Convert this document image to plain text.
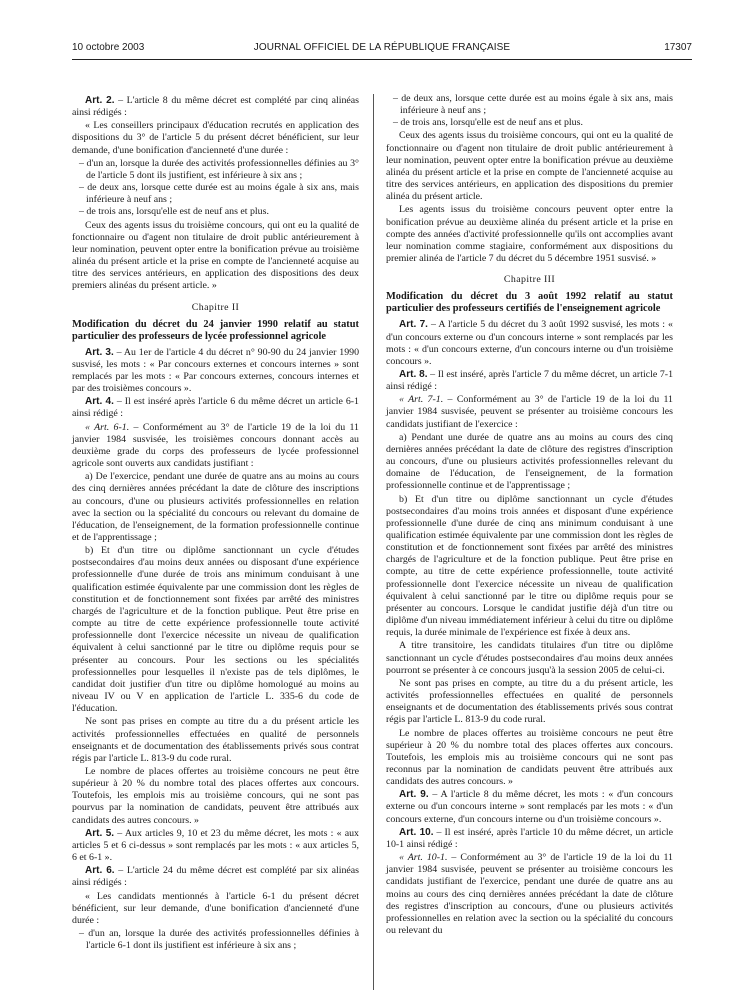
10 octobre 2003	JOURNAL OFFICIEL DE LA RÉPUBLIQUE FRANÇAISE	17307

Art. 2. – L'article 8 du même décret est complété par cinq alinéas ainsi rédigés :

« Les conseillers principaux d'éducation recrutés en application des dispositions du 3° de l'article 5 du présent décret bénéficient, sur leur demande, d'une bonification d'ancienneté d'une durée :

– d'un an, lorsque la durée des activités professionnelles définies au 3° de l'article 5 dont ils justifient, est inférieure à six ans ;
– de deux ans, lorsque cette durée est au moins égale à six ans, mais inférieure à neuf ans ;
– de trois ans, lorsqu'elle est de neuf ans et plus.

Ceux des agents issus du troisième concours, qui ont eu la qualité de fonctionnaire ou d'agent non titulaire de droit public antérieurement à leur nomination, peuvent opter entre la bonification prévue au troisième alinéa du présent article et la prise en compte de l'ancienneté acquise au titre des services antérieurs, en application des dispositions des deux premiers alinéas du présent article. »

Chapitre II

Modification du décret du 24 janvier 1990 relatif au statut particulier des professeurs de lycée professionnel agricole

Art. 3. – Au 1er de l'article 4 du décret n° 90-90 du 24 janvier 1990 susvisé, les mots : « Par concours externes et concours internes » sont remplacés par les mots : « Par concours externes, concours internes et par des troisièmes concours ».

Art. 4. – Il est inséré après l'article 6 du même décret un article 6-1 ainsi rédigé :

« Art. 6-1. – Conformément au 3° de l'article 19 de la loi du 11 janvier 1984 susvisée, les troisièmes concours donnant accès au deuxième grade du corps des professeurs de lycée professionnel agricole sont ouverts aux candidats justifiant :

a) De l'exercice, pendant une durée de quatre ans au moins au cours des cinq dernières années précédant la date de clôture des inscriptions au concours, d'une ou plusieurs activités professionnelles en relation avec la section ou la spécialité du concours ou relevant du domaine de l'éducation, de l'enseignement, de la formation professionnelle continue et de l'apprentissage ;

b) Et d'un titre ou diplôme sanctionnant un cycle d'études postsecondaires d'au moins deux années ou disposant d'une expérience professionnelle d'une durée de trois ans minimum conduisant à une qualification estimée équivalente par une commission dont les règles de constitution et de fonctionnement sont fixées par arrêté des ministres chargés de l'agriculture et de la fonction publique. Peut être prise en compte au titre de cette expérience professionnelle toute activité professionnelle dont l'exercice nécessite un niveau de qualification équivalent à celui sanctionné par le titre ou diplôme requis pour se présenter au concours. Pour les sections ou les spécialités professionnelles pour lesquelles il n'existe pas de tels diplômes, le candidat doit justifier d'un titre ou diplôme homologué au moins au niveau IV ou V en application de l'article L. 335-6 du code de l'éducation.

Ne sont pas prises en compte au titre du a du présent article les activités professionnelles effectuées en qualité de personnels enseignants et de documentation des établissements privés sous contrat régis par l'article L. 813-9 du code rural.

Le nombre de places offertes au troisième concours ne peut être supérieur à 20 % du nombre total des places offertes aux concours. Toutefois, les emplois mis au troisième concours, qui ne sont pas pourvus par la nomination de candidats, peuvent être attribués aux candidats des autres concours. »

Art. 5. – Aux articles 9, 10 et 23 du même décret, les mots : « aux articles 5 et 6 ci-dessus » sont remplacés par les mots : « aux articles 5, 6 et 6-1 ».

Art. 6. – L'article 24 du même décret est complété par six alinéas ainsi rédigés :

« Les candidats mentionnés à l'article 6-1 du présent décret bénéficient, sur leur demande, d'une bonification d'ancienneté d'une durée :

– d'un an, lorsque la durée des activités professionnelles définies à l'article 6-1 dont ils justifient est inférieure à six ans ;
– de deux ans, lorsque cette durée est au moins égale à six ans, mais inférieure à neuf ans ;
– de trois ans, lorsqu'elle est de neuf ans et plus.

Ceux des agents issus du troisième concours, qui ont eu la qualité de fonctionnaire ou d'agent non titulaire de droit public antérieurement à leur nomination, peuvent opter entre la bonification prévue au deuxième alinéa du présent article et la prise en compte de l'ancienneté acquise au titre des services antérieurs, en application des dispositions du premier alinéa du présent article.

Les agents issus du troisième concours peuvent opter entre la bonification prévue au deuxième alinéa du présent article et la prise en compte des années d'activité professionnelle qu'ils ont accomplies avant leur nomination comme stagiaire, conformément aux dispositions du premier alinéa de l'article 7 du décret du 5 décembre 1951 susvisé. »

Chapitre III

Modification du décret du 3 août 1992 relatif au statut particulier des professeurs certifiés de l'enseignement agricole

Art. 7. – A l'article 5 du décret du 3 août 1992 susvisé, les mots : « d'un concours externe ou d'un concours interne » sont remplacés par les mots : « d'un concours externe, d'un concours interne ou d'un troisième concours ».

Art. 8. – Il est inséré, après l'article 7 du même décret, un article 7-1 ainsi rédigé :

« Art. 7-1. – Conformément au 3° de l'article 19 de la loi du 11 janvier 1984 susvisée, peuvent se présenter au troisième concours les candidats justifiant de l'exercice :

a) Pendant une durée de quatre ans au moins au cours des cinq dernières années précédant la date de clôture des registres d'inscription au concours, d'une ou plusieurs activités professionnelles relevant du domaine de l'éducation, de l'enseignement, de la formation professionnelle continue et de l'apprentissage ;

b) Et d'un titre ou diplôme sanctionnant un cycle d'études postsecondaires d'au moins trois années et disposant d'une expérience professionnelle d'une durée de cinq ans minimum conduisant à une qualification estimée équivalente par une commission dont les règles de constitution et de fonctionnement sont fixées par arrêté des ministres chargés de l'agriculture et de la fonction publique. Peut être prise en compte, au titre de cette expérience professionnelle, toute activité professionnelle dont l'exercice nécessite un niveau de qualification équivalent à celui sanctionné par le titre ou diplôme requis pour se présenter au concours. Lorsque le candidat justifie déjà d'un titre ou diplôme d'un niveau immédiatement inférieur à celui du titre ou diplôme requis, la durée minimale de l'expérience est fixée à deux ans.

A titre transitoire, les candidats titulaires d'un titre ou diplôme sanctionnant un cycle d'études postsecondaires d'au moins deux années pourront se présenter à ce concours jusqu'à la session 2005 de celui-ci.

Ne sont pas prises en compte, au titre du a du présent article, les activités professionnelles effectuées en qualité de personnels enseignants et de documentation des établissements privés sous contrat régis par l'article L. 813-9 du code rural.

Le nombre de places offertes au troisième concours ne peut être supérieur à 20 % du nombre total des places offertes aux concours. Toutefois, les emplois mis au troisième concours qui ne sont pas reconnus par la nomination de candidats peuvent être attribués aux candidats des autres concours. »

Art. 9. – A l'article 8 du même décret, les mots : « d'un concours externe ou d'un concours interne » sont remplacés par les mots : « d'un concours externe, d'un concours interne ou d'un troisième concours ».

Art. 10. – Il est inséré, après l'article 10 du même décret, un article 10-1 ainsi rédigé :

« Art. 10-1. – Conformément au 3° de l'article 19 de la loi du 11 janvier 1984 susvisée, peuvent se présenter au troisième concours les candidats justifiant de l'exercice, pendant une durée de quatre ans au moins au cours des cinq dernières années précédant la date de clôture des registres d'inscription au concours, d'une ou plusieurs activités professionnelles en relation avec la section ou la spécialité du concours ou relevant du
